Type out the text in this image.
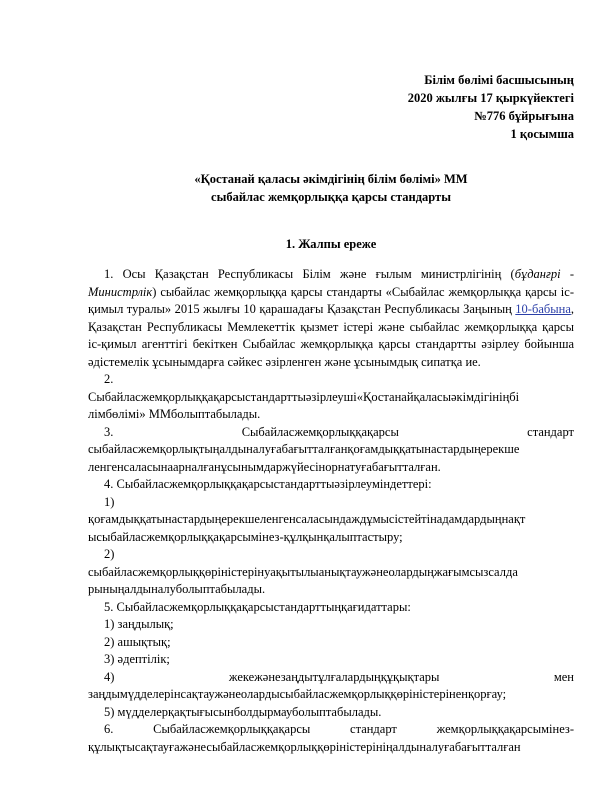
Білім бөлімі басшысының
2020 жылғы 17 қыркүйектегі
№776 бұйрығына
1 қосымша
«Қостанай қаласы әкімдігінің білім бөлімі» ММ
сыбайлас жемқорлыққа қарсы стандарты
1. Жалпы ереже

1. Осы Қазақстан Республикасы Білім және ғылым министрлігінің (бұданғрі - Министрлік) сыбайлас жемқорлыққа қарсы стандарты «Сыбайлас жемқорлыққа қарсы іс-қимыл туралы» 2015 жылғы 10 қарашадағы Қазақстан Республикасы Заңының 10-бабына, Қазақстан Республикасы Мемлекеттік қызмет істері және сыбайлас жемқорлыққа қарсы іс-қимыл агенттігі бекіткен Сыбайлас жемқорлыққа қарсы стандартты әзірлеу бойынша әдістемелік ұсынымдарға сәйкес әзірленген және ұсынымдық сипатқа ие.

2.

Сыбайласжемқорлыққақарсыстандарттыәзірлеуші«Қостанайқаласыәкімдігініңбі

лімбөлімі» ММболыптабылады.

3.	Сыбайласжемқорлыққақарсы	стандарт

сыбайласжемқорлықтыңалдыналуғабағытталғанқоғамдыққатынастардыңерекше

ленгенсаласынаарналғанұсынымдаржүйесінорнатуғабағытталған.

4. Сыбайласжемқорлыққақарсыстандарттыәзірлеуміндеттері:

1)

қоғамдыққатынастардыңерекшеленгенсаласындаждұмысістейтінадамдардыңнақт

ысыбайласжемқорлыққақарсымінез-құлқынқалыптастыру;

2)

сыбайласжемқорлыққөріністерінуақытылыанықтаужәнеолардыңжағымсызсалда

рыныңалдыналуболыптабылады.

5. Сыбайласжемқорлыққақарсыстандарттыңқағидаттары:

1) заңдылық;

2) ашықтық;

3) әдептілік;

4)	жекежәнезаңдытұлғалардыңқұқықтары	мен

заңдымүдделерінсақтаужәнеолардысыбайласжемқорлыққөріністеріненқорғау;

5) мүдделерқақтығысынболдырмауболыптабылады.

6.	Сыбайласжемқорлыққақарсы	стандарт	жемқорлыққақарсымінез-

құлықтысақтауғажәнесыбайласжемқорлыққөріністерініңалдыналуғабағытталған
